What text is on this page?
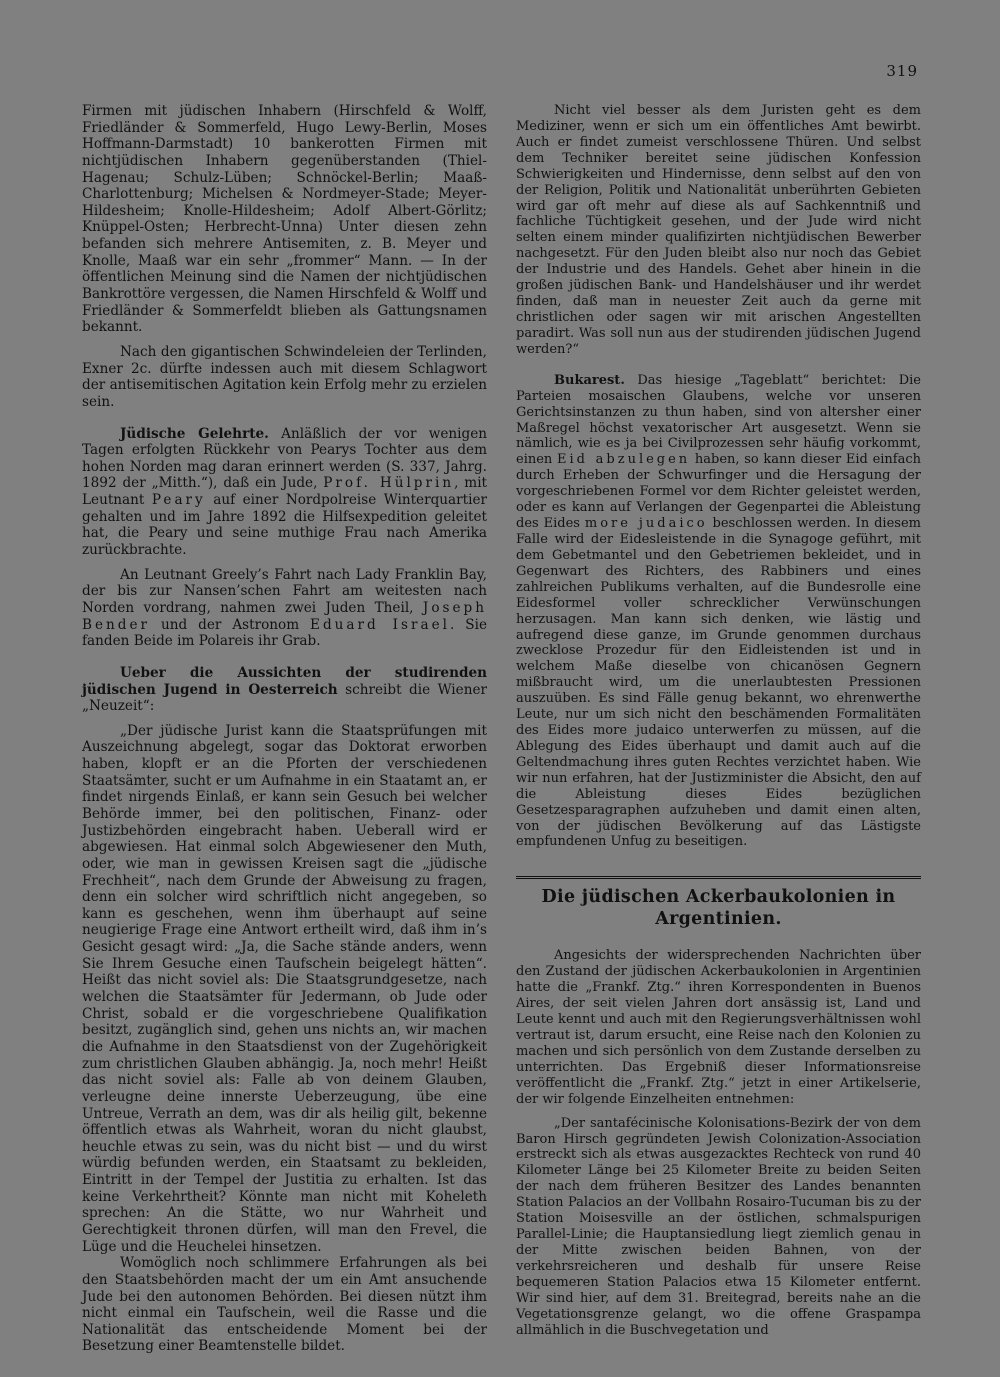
319

Firmen mit jüdischen Inhabern (Hirschfeld & Wolff, Friedländer & Sommerfeld, Hugo Lewy-Berlin, Moses Hoffmann-Darmstadt) 10 bankerotten Firmen mit nichtjüdischen Inhabern gegenüberstanden (Thiel-Hagenau; Schulz-Lüben; Schnöckel-Berlin; Maaß-Charlottenburg; Michelsen & Nordmeyer-Stade; Meyer-Hildesheim; Knolle-Hildesheim; Adolf Albert-Görlitz; Knüppel-Osten; Herbrecht-Unna) Unter diesen zehn befanden sich mehrere Antisemiten, z. B. Meyer und Knolle, Maaß war ein sehr „frommer“ Mann. — In der öffentlichen Meinung sind die Namen der nichtjüdischen Bankrottöre vergessen, die Namen Hirschfeld & Wolff und Friedländer & Sommerfeldt blieben als Gattungsnamen bekannt.

Nach den gigantischen Schwindeleien der Terlinden, Exner 2c. dürfte indessen auch mit diesem Schlagwort der antisemitischen Agitation kein Erfolg mehr zu erzielen sein.

Jüdische Gelehrte. Anläßlich der vor wenigen Tagen erfolgten Rückkehr von Pearys Tochter aus dem hohen Norden mag daran erinnert werden (S. 337, Jahrg. 1892 der „Mitth.“), daß ein Jude, Prof. Hülprin, mit Leutnant Peary auf einer Nordpolreise Winterquartier gehalten und im Jahre 1892 die Hilfsexpedition geleitet hat, die Peary und seine muthige Frau nach Amerika zurückbrachte.

An Leutnant Greely’s Fahrt nach Lady Franklin Bay, der bis zur Nansen’schen Fahrt am weitesten nach Norden vordrang, nahmen zwei Juden Theil, Joseph Bender und der Astronom Eduard Israel. Sie fanden Beide im Polareis ihr Grab.

Ueber die Aussichten der studirenden jüdischen Jugend in Oesterreich schreibt die Wiener „Neuzeit“:

„Der jüdische Jurist kann die Staatsprüfungen mit Auszeichnung abgelegt, sogar das Doktorat erworben haben, klopft er an die Pforten der verschiedenen Staatsämter, sucht er um Aufnahme in ein Staatamt an, er findet nirgends Einlaß, er kann sein Gesuch bei welcher Behörde immer, bei den politischen, Finanz- oder Justizbehörden eingebracht haben. Ueberall wird er abgewiesen. Hat einmal solch Abgewiesener den Muth, oder, wie man in gewissen Kreisen sagt die „jüdische Frechheit“, nach dem Grunde der Abweisung zu fragen, denn ein solcher wird schriftlich nicht angegeben, so kann es geschehen, wenn ihm überhaupt auf seine neugierige Frage eine Antwort ertheilt wird, daß ihm in’s Gesicht gesagt wird: „Ja, die Sache stände anders, wenn Sie Ihrem Gesuche einen Taufschein beigelegt hätten“. Heißt das nicht soviel als: Die Staatsgrundgesetze, nach welchen die Staatsämter für Jedermann, ob Jude oder Christ, sobald er die vorgeschriebene Qualifikation besitzt, zugänglich sind, gehen uns nichts an, wir machen die Aufnahme in den Staatsdienst von der Zugehörigkeit zum christlichen Glauben abhängig. Ja, noch mehr! Heißt das nicht soviel als: Falle ab von deinem Glauben, verleugne deine innerste Ueberzeugung, übe eine Untreue, Verrath an dem, was dir als heilig gilt, bekenne öffentlich etwas als Wahrheit, woran du nicht glaubst, heuchle etwas zu sein, was du nicht bist — und du wirst würdig befunden werden, ein Staatsamt zu bekleiden, Eintritt in der Tempel der Justitia zu erhalten. Ist das keine Verkehrtheit? Könnte man nicht mit Koheleth sprechen: An die Stätte, wo nur Wahrheit und Gerechtigkeit thronen dürfen, will man den Frevel, die Lüge und die Heuchelei hinsetzen.

Womöglich noch schlimmere Erfahrungen als bei den Staatsbehörden macht der um ein Amt ansuchende Jude bei den autonomen Behörden. Bei diesen nützt ihm nicht einmal ein Taufschein, weil die Rasse und die Nationalität das entscheidende Moment bei der Besetzung einer Beamtenstelle bildet.

Nicht viel besser als dem Juristen geht es dem Mediziner, wenn er sich um ein öffentliches Amt bewirbt. Auch er findet zumeist verschlossene Thüren. Und selbst dem Techniker bereitet seine jüdischen Konfession Schwierigkeiten und Hindernisse, denn selbst auf den von der Religion, Politik und Nationalität unberührten Gebieten wird gar oft mehr auf diese als auf Sachkenntniß und fachliche Tüchtigkeit gesehen, und der Jude wird nicht selten einem minder qualifizirten nichtjüdischen Bewerber nachgesetzt. Für den Juden bleibt also nur noch das Gebiet der Industrie und des Handels. Gehet aber hinein in die großen jüdischen Bank- und Handelshäuser und ihr werdet finden, daß man in neuester Zeit auch da gerne mit christlichen oder sagen wir mit arischen Angestellten paradirt. Was soll nun aus der studirenden jüdischen Jugend werden?“

Bukarest. Das hiesige „Tageblatt“ berichtet: Die Parteien mosaischen Glaubens, welche vor unseren Gerichtsinstanzen zu thun haben, sind von altersher einer Maßregel höchst vexatorischer Art ausgesetzt. Wenn sie nämlich, wie es ja bei Civilprozessen sehr häufig vorkommt, einen Eid abzulegen haben, so kann dieser Eid einfach durch Erheben der Schwurfinger und die Hersagung der vorgeschriebenen Formel vor dem Richter geleistet werden, oder es kann auf Verlangen der Gegenpartei die Ableistung des Eides more judaico beschlossen werden. In diesem Falle wird der Eidesleistende in die Synagoge geführt, mit dem Gebetmantel und den Gebetriemen bekleidet, und in Gegenwart des Richters, des Rabbiners und eines zahlreichen Publikums verhalten, auf die Bundesrolle eine Eidesformel voller schrecklicher Verwünschungen herzusagen. Man kann sich denken, wie lästig und aufregend diese ganze, im Grunde genommen durchaus zwecklose Prozedur für den Eidleistenden ist und in welchem Maße dieselbe von chicanösen Gegnern mißbraucht wird, um die unerlaubtesten Pressionen auszuüben. Es sind Fälle genug bekannt, wo ehrenwerthe Leute, nur um sich nicht den beschämenden Formalitäten des Eides more judaico unterwerfen zu müssen, auf die Ablegung des Eides überhaupt und damit auch auf die Geltendmachung ihres guten Rechtes verzichtet haben. Wie wir nun erfahren, hat der Justizminister die Absicht, den auf die Ableistung dieses Eides bezüglichen Gesetzesparagraphen aufzuheben und damit einen alten, von der jüdischen Bevölkerung auf das Lästigste empfundenen Unfug zu beseitigen.

Die jüdischen Ackerbaukolonien in Argentinien.

Angesichts der widersprechenden Nachrichten über den Zustand der jüdischen Ackerbaukolonien in Argentinien hatte die „Frankf. Ztg.“ ihren Korrespondenten in Buenos Aires, der seit vielen Jahren dort ansässig ist, Land und Leute kennt und auch mit den Regierungsverhältnissen wohl vertraut ist, darum ersucht, eine Reise nach den Kolonien zu machen und sich persönlich von dem Zustande derselben zu unterrichten. Das Ergebniß dieser Informationsreise veröffentlicht die „Frankf. Ztg.“ jetzt in einer Artikelserie, der wir folgende Einzelheiten entnehmen:

„Der santafécinische Kolonisations-Bezirk der von dem Baron Hirsch gegründeten Jewish Colonization-Association erstreckt sich als etwas ausgezacktes Rechteck von rund 40 Kilometer Länge bei 25 Kilometer Breite zu beiden Seiten der nach dem früheren Besitzer des Landes benannten Station Palacios an der Vollbahn Rosairo-Tucuman bis zu der Station Moisesville an der östlichen, schmalspurigen Parallel-Linie; die Hauptansiedlung liegt ziemlich genau in der Mitte zwischen beiden Bahnen, von der verkehrsreicheren und deshalb für unsere Reise bequemeren Station Palacios etwa 15 Kilometer entfernt. Wir sind hier, auf dem 31. Breitegrad, bereits nahe an die Vegetationsgrenze gelangt, wo die offene Graspampa allmählich in die Buschvegetation und
